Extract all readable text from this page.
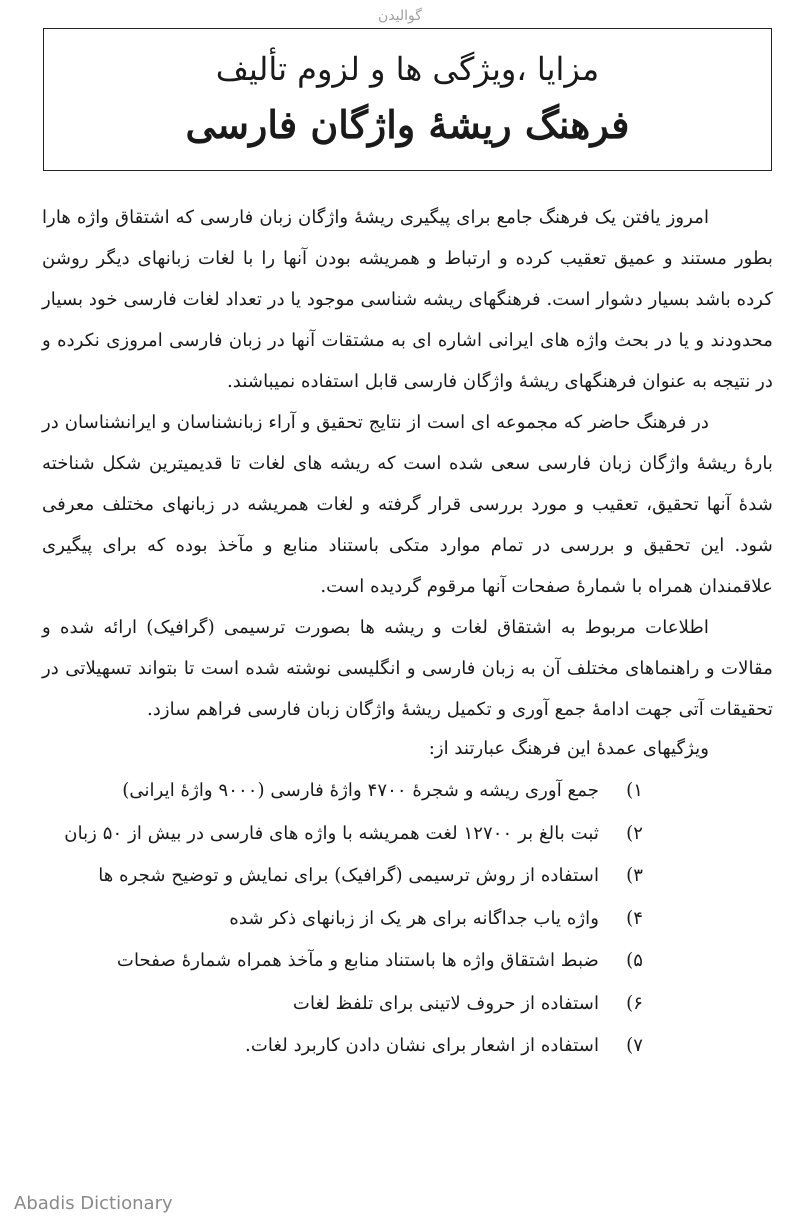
گوالیدن
مزایا ،ویژگی ها و لزوم تألیف
فرهنگ ریشهٔ واژگان فارسی

امروز یافتن یک فرهنگ جامع برای پیگیری ریشهٔ واژگان زبان فارسی که اشتقاق واژه هارا بطور مستند و عمیق تعقیب کرده و ارتباط و همریشه بودن آنها را با لغات زبانهای دیگر روشن کرده باشد بسیار دشوار است. فرهنگهای ریشه شناسی موجود یا در تعداد لغات فارسی خود بسیار محدودند و یا در بحث واژه های ایرانی اشاره ای به مشتقات آنها در زبان فارسی امروزی نکرده و در نتیجه به عنوان فرهنگهای ریشهٔ واژگان فارسی قابل استفاده نمیباشند.

در فرهنگ حاضر که مجموعه ای است از نتایج تحقیق و آراء زبانشناسان و ایرانشناسان در بارهٔ ریشهٔ واژگان زبان فارسی سعی شده است که ریشه های لغات تا قدیمیترین شکل شناخته شدهٔ آنها تحقیق، تعقیب و مورد بررسی قرار گرفته و لغات همریشه در زبانهای مختلف معرفی شود. این تحقیق و بررسی در تمام موارد متکی باستناد منابع و مآخذ بوده که برای پیگیری علاقمندان همراه با شمارهٔ صفحات آنها مرقوم گردیده است.

اطلاعات مربوط به اشتقاق لغات و ریشه ها بصورت ترسیمی (گرافیک) ارائه شده و مقالات و راهنماهای مختلف آن به زبان فارسی و انگلیسی نوشته شده است تا بتواند تسهیلاتی در تحقیقات آتی جهت ادامهٔ جمع آوری و تکمیل ریشهٔ واژگان زبان فارسی فراهم سازد.

ویژگیهای عمدهٔ این فرهنگ عبارتند از:

۱)
جمع آوری ریشه و شجرهٔ ۴۷۰۰ واژهٔ فارسی (۹۰۰۰ واژهٔ ایرانی)
۲)
ثبت بالغ بر ۱۲۷۰۰ لغت همریشه با واژه های فارسی در بیش از ۵۰ زبان
۳)
استفاده از روش ترسیمی (گرافیک) برای نمایش و توضیح شجره ها
۴)
واژه یاب جداگانه برای هر یک از زبانهای ذکر شده
۵)
ضبط اشتقاق واژه ها باستناد منابع و مآخذ همراه شمارهٔ صفحات
۶)
استفاده از حروف لاتینی برای تلفظ لغات
۷)
استفاده از اشعار برای نشان دادن کاربرد لغات.
Abadis Dictionary
